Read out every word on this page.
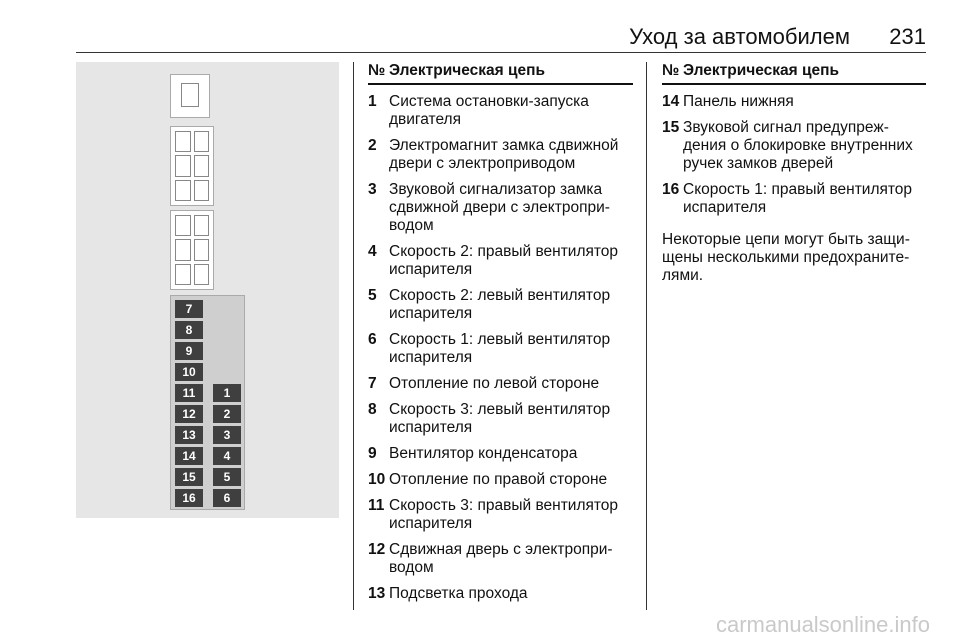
Уход за автомобилем 231
7
8
9
10
11
12
13
14
15
16
1
2
3
4
5
6
№ Электрическая цепь
1 Система остановки-запуска двигателя
2 Электромагнит замка сдвижной двери с электроприводом
3 Звуковой сигнализатор замка сдвижной двери с электроприводом
4 Скорость 2: правый вентилятор испарителя
5 Скорость 2: левый вентилятор испарителя
6 Скорость 1: левый вентилятор испарителя
7 Отопление по левой стороне
8 Скорость 3: левый вентилятор испарителя
9 Вентилятор конденсатора
10 Отопление по правой стороне
11 Скорость 3: правый вентилятор испарителя
12 Сдвижная дверь с электроприводом
13 Подсветка прохода
№ Электрическая цепь
14 Панель нижняя
15 Звуковой сигнал предупреждения о блокировке внутренних ручек замков дверей
16 Скорость 1: правый вентилятор испарителя
Некоторые цепи могут быть защищены несколькими предохранителями.
carmanualsonline.info
